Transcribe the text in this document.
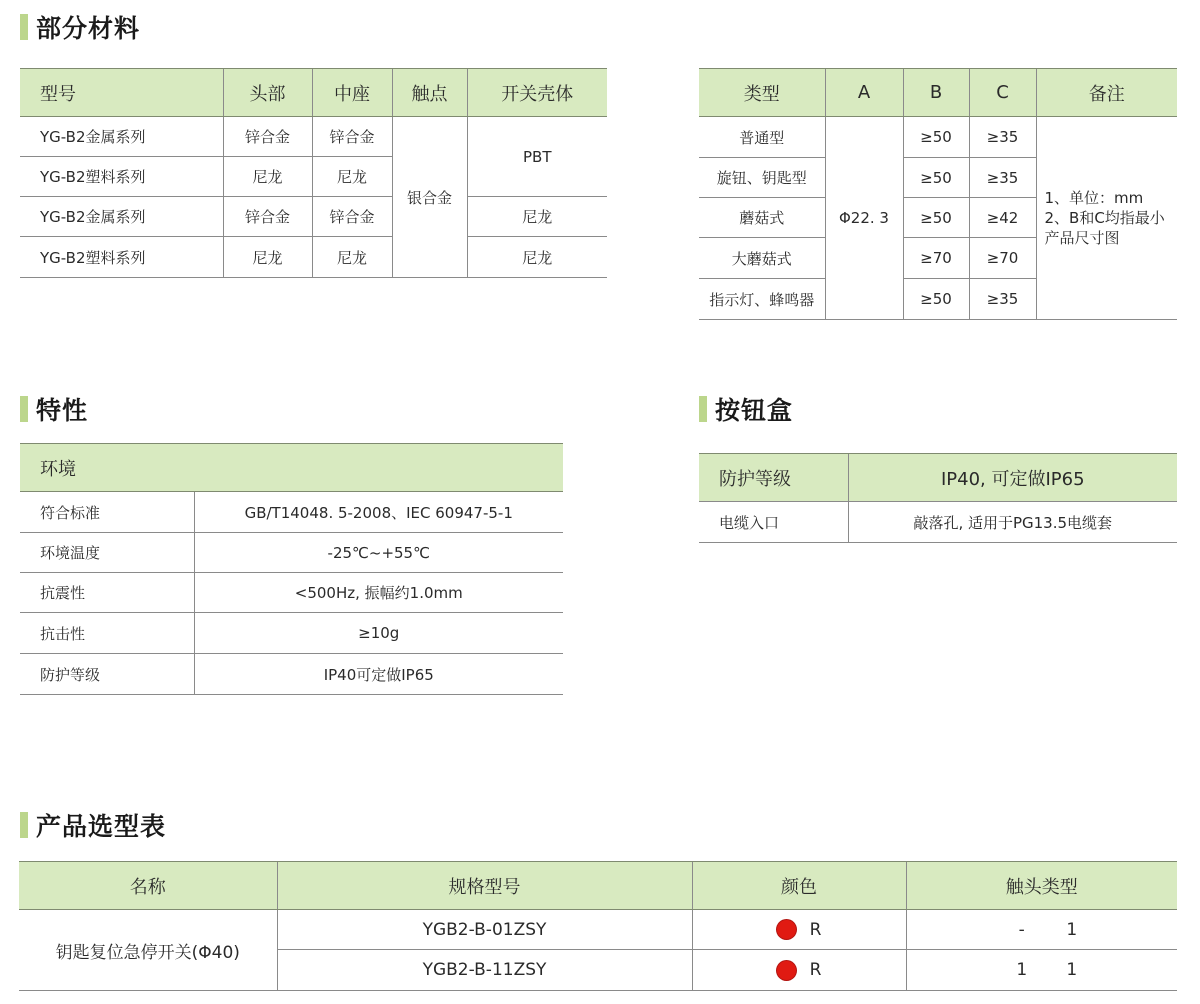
部分材料
型号	头部	中座	触点	开关壳体
YG-B2金属系列	锌合金	锌合金	银合金	PBT
YG-B2塑料系列	尼龙	尼龙		
YG-B2金属系列	锌合金	锌合金		尼龙
YG-B2塑料系列	尼龙	尼龙		尼龙
类型	A	B	C	备注
普通型	Φ22. 3	≥50	≥35	1、单位：mm
2、B和C均指最小
产品尺寸图

旋钮、钥匙型		≥50	≥35	
蘑菇式		≥50	≥42	
大蘑菇式		≥70	≥70	
指示灯、蜂鸣器		≥50	≥35	
特性
环境	
符合标准	GB/T14048. 5-2008、IEC 60947-5-1
环境温度	-25℃~+55℃
抗震性	<500Hz, 振幅约1.0mm
抗击性	≥10g
防护等级	IP40可定做IP65
按钮盒
防护等级	IP40, 可定做IP65
电缆入口	敲落孔, 适用于PG13.5电缆套
产品选型表
名称	规格型号	颜色	触头类型
钥匙复位急停开关(Φ40)	YGB2-B-01ZSY	R	- 1
	YGB2-B-11ZSY	R	1 1
